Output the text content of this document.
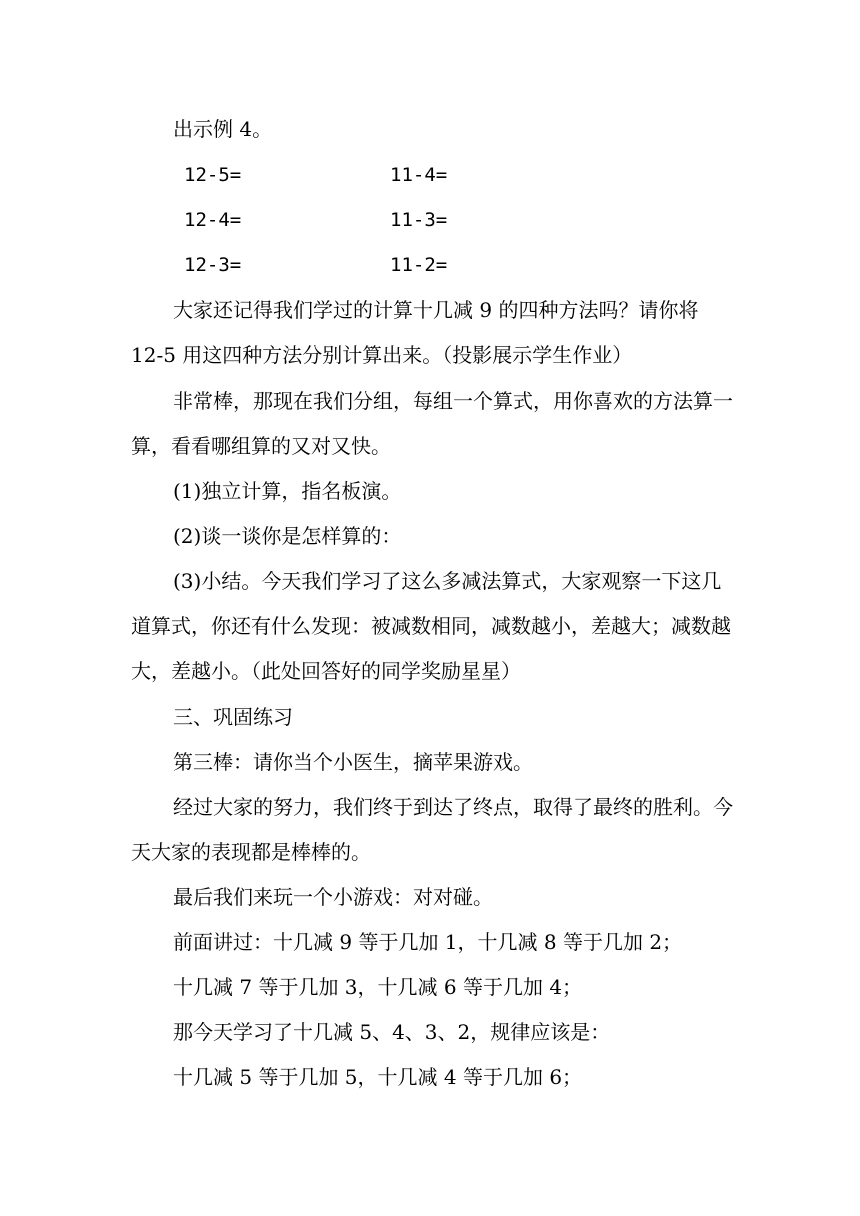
出示例 4。

12-5=	11-4=

12-4=	11-3=

12-3=	11-2=

大家还记得我们学过的计算十几减 9 的四种方法吗？请你将

12-5 用这四种方法分别计算出来。（投影展示学生作业）

非常棒，那现在我们分组，每组一个算式，用你喜欢的方法算一

算，看看哪组算的又对又快。

(1)独立计算，指名板演。

(2)谈一谈你是怎样算的：

(3)小结。今天我们学习了这么多减法算式，大家观察一下这几

道算式，你还有什么发现：被减数相同，减数越小，差越大；减数越

大，差越小。（此处回答好的同学奖励星星）

三、巩固练习

第三棒：请你当个小医生，摘苹果游戏。

经过大家的努力，我们终于到达了终点，取得了最终的胜利。今

天大家的表现都是棒棒的。

最后我们来玩一个小游戏：对对碰。

前面讲过：十几减 9 等于几加 1，十几减 8 等于几加 2；

十几减 7 等于几加 3，十几减 6 等于几加 4；

那今天学习了十几减 5、4、3、2，规律应该是：

十几减 5 等于几加 5，十几减 4 等于几加 6；
